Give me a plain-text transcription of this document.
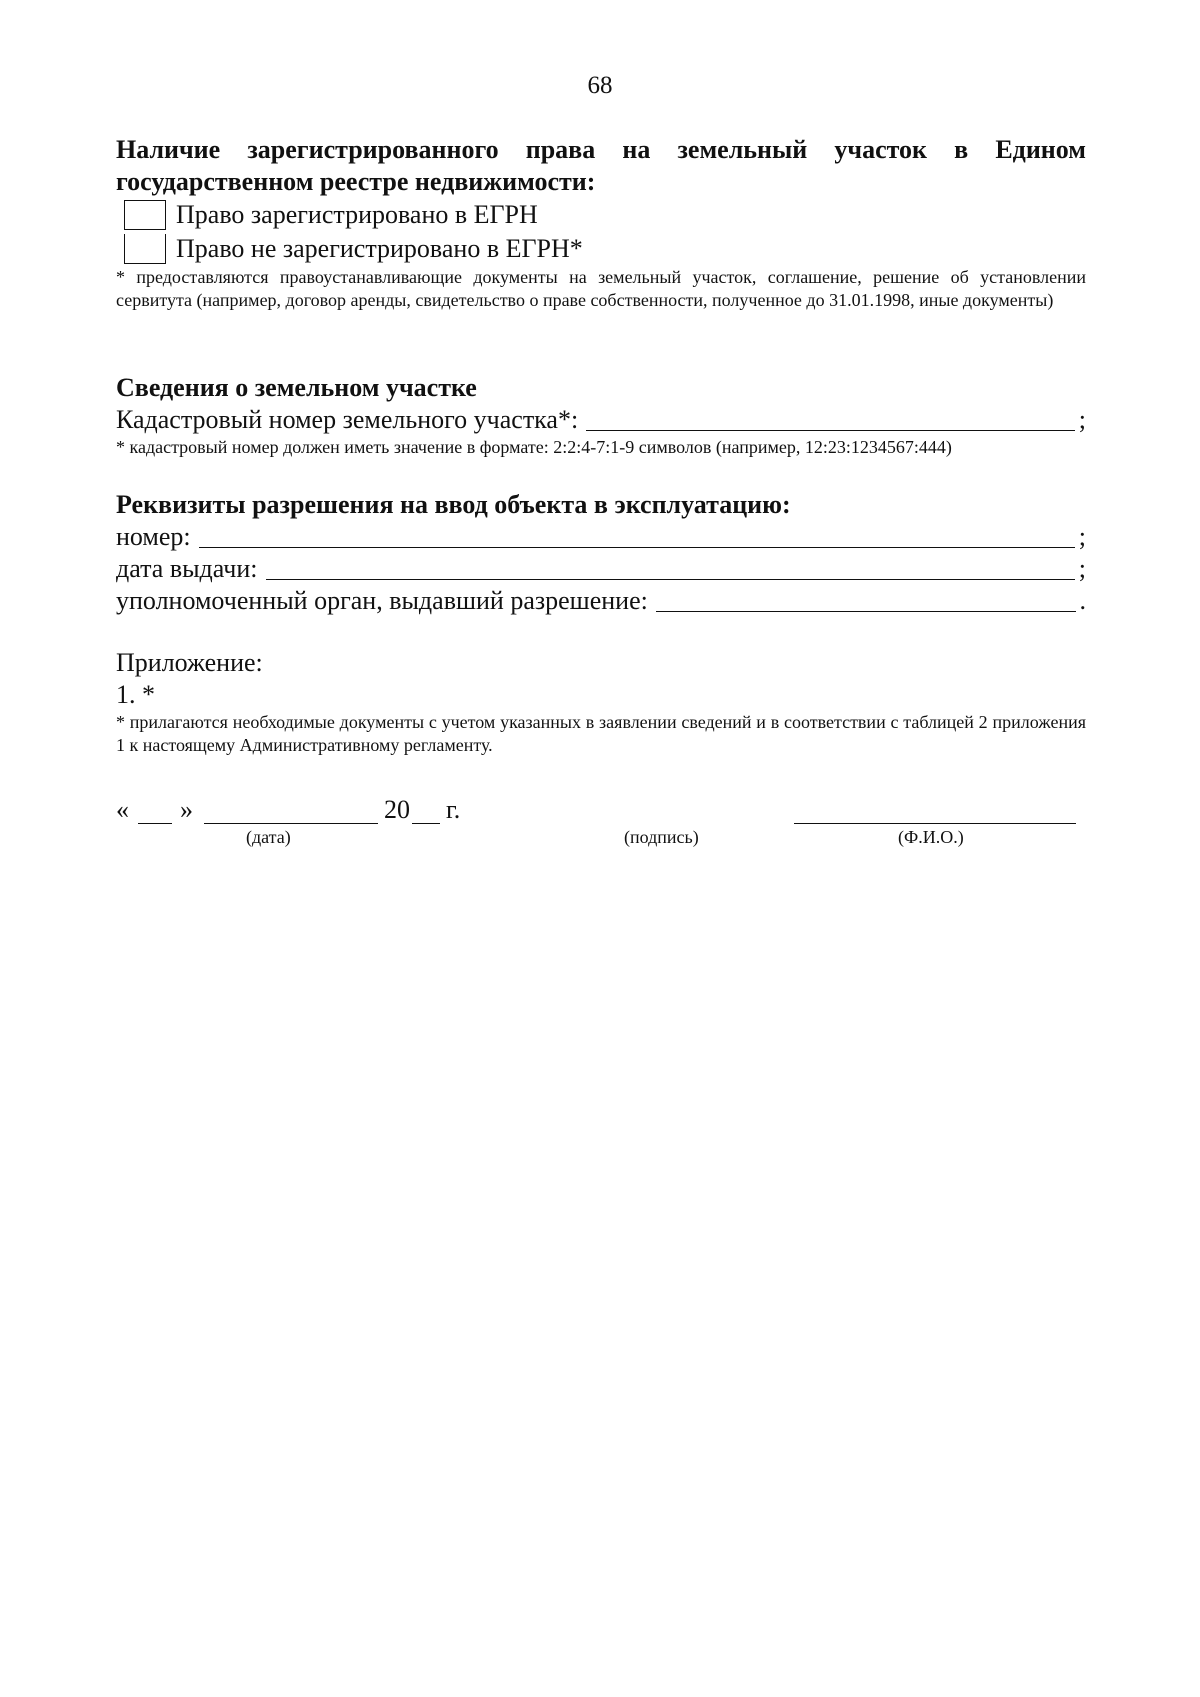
68
Наличие зарегистрированного права на земельный участок в Едином государственном реестре недвижимости:
Право зарегистрировано в ЕГРН
Право не зарегистрировано в ЕГРН*
* предоставляются правоустанавливающие документы на земельный участок, соглашение, решение об установлении сервитута (например, договор аренды, свидетельство о праве собственности, полученное до 31.01.1998, иные документы)
Сведения о земельном участке
Кадастровый номер земельного участка*:	;
* кадастровый номер должен иметь значение в формате: 2:2:4-7:1-9 символов (например, 12:23:1234567:444)
Реквизиты разрешения на ввод объекта в эксплуатацию:
номер:	;
дата выдачи:	;
уполномоченный орган, выдавший разрешение:	.
Приложение:
1. *
* прилагаются необходимые документы с учетом указанных в заявлении сведений и в соответствии с таблицей 2 приложения 1 к настоящему Административному регламенту.
« »	20 г.
(дата)	(подпись)	(Ф.И.О.)
